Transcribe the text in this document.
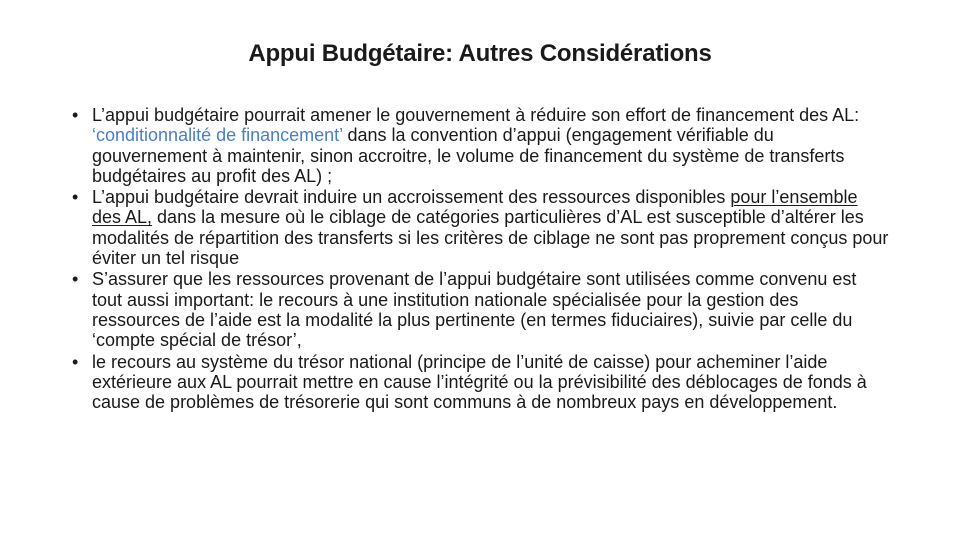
Appui Budgétaire: Autres Considérations
• L’appui budgétaire pourrait amener le gouvernement à réduire son effort de financement des AL: ‘conditionnalité de financement’ dans la convention d’appui (engagement vérifiable du gouvernement à maintenir, sinon accroitre, le volume de financement du système de transferts budgétaires au profit des AL) ;
• L’appui budgétaire devrait induire un accroissement des ressources disponibles pour l’ensemble des AL, dans la mesure où le ciblage de catégories particulières d’AL est susceptible d’altérer les modalités de répartition des transferts si les critères de ciblage ne sont pas proprement conçus pour éviter un tel risque
• S’assurer que les ressources provenant de l’appui budgétaire sont utilisées comme convenu est tout aussi important: le recours à une institution nationale spécialisée pour la gestion des ressources de l’aide est la modalité la plus pertinente (en termes fiduciaires), suivie par celle du ‘compte spécial de trésor’,
• le recours au système du trésor national (principe de l’unité de caisse) pour acheminer l’aide extérieure aux AL pourrait mettre en cause l’intégrité ou la prévisibilité des déblocages de fonds à cause de problèmes de trésorerie qui sont communs à de nombreux pays en développement.
